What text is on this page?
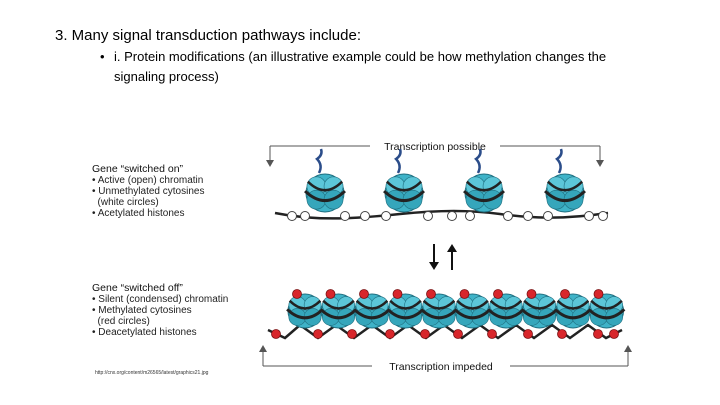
3. Many signal transduction pathways include:
• i. Protein modifications (an illustrative example could be how methylation changes the
signaling process)
Gene “switched on”
• Active (open) chromatin
• Unmethylated cytosines
(white circles)
• Acetylated histones
Gene “switched off”
• Silent (condensed) chromatin
• Methylated cytosines
(red circles)
• Deacetylated histones
http://cnx.org/content/m26565/latest/graphics21.jpg
Transcription possible
Transcription impeded
